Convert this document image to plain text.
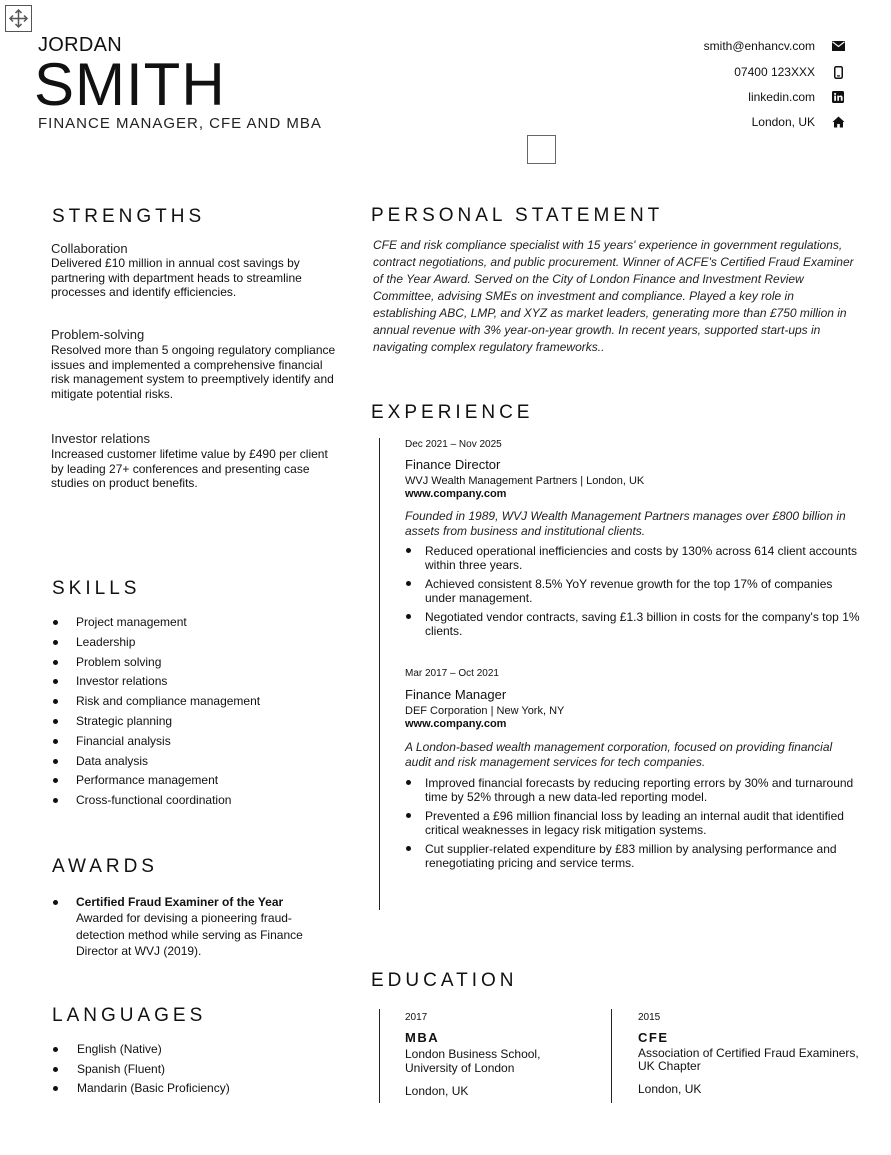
JORDAN
SMITH
FINANCE MANAGER, CFE AND MBA
smith@enhancv.com
07400 123XXX
linkedin.com
London, UK
STRENGTHS
Collaboration
Delivered £10 million in annual cost savings by partnering with department heads to streamline processes and identify efficiencies.
Problem-solving
Resolved more than 5 ongoing regulatory compliance issues and implemented a comprehensive financial risk management system to preemptively identify and mitigate potential risks.
Investor relations
Increased customer lifetime value by £490 per client by leading 27+ conferences and presenting case studies on product benefits.
SKILLS
Project management
Leadership
Problem solving
Investor relations
Risk and compliance management
Strategic planning
Financial analysis
Data analysis
Performance management
Cross-functional coordination
AWARDS
Certified Fraud Examiner of the Year
Awarded for devising a pioneering fraud-detection method while serving as Finance Director at WVJ (2019).
LANGUAGES
English (Native)
Spanish (Fluent)
Mandarin (Basic Proficiency)
PERSONAL STATEMENT
CFE and risk compliance specialist with 15 years' experience in government regulations, contract negotiations, and public procurement. Winner of ACFE's Certified Fraud Examiner of the Year Award. Served on the City of London Finance and Investment Review Committee, advising SMEs on investment and compliance. Played a key role in establishing ABC, LMP, and XYZ as market leaders, generating more than £750 million in annual revenue with 3% year-on-year growth. In recent years, supported start-ups in navigating complex regulatory frameworks..
EXPERIENCE
Dec 2021 – Nov 2025
Finance Director
WVJ Wealth Management Partners | London, UK
www.company.com
Founded in 1989, WVJ Wealth Management Partners manages over £800 billion in assets from business and institutional clients.
Reduced operational inefficiencies and costs by 130% across 614 client accounts within three years.
Achieved consistent 8.5% YoY revenue growth for the top 17% of companies under management.
Negotiated vendor contracts, saving £1.3 billion in costs for the company's top 1% clients.
Mar 2017 – Oct 2021
Finance Manager
DEF Corporation | New York, NY
www.company.com
A London-based wealth management corporation, focused on providing financial audit and risk management services for tech companies.
Improved financial forecasts by reducing reporting errors by 30% and turnaround time by 52% through a new data-led reporting model.
Prevented a £96 million financial loss by leading an internal audit that identified critical weaknesses in legacy risk mitigation systems.
Cut supplier-related expenditure by £83 million by analysing performance and renegotiating pricing and service terms.
EDUCATION
2017
MBA
London Business School, University of London
London, UK
2015
CFE
Association of Certified Fraud Examiners, UK Chapter
London, UK
